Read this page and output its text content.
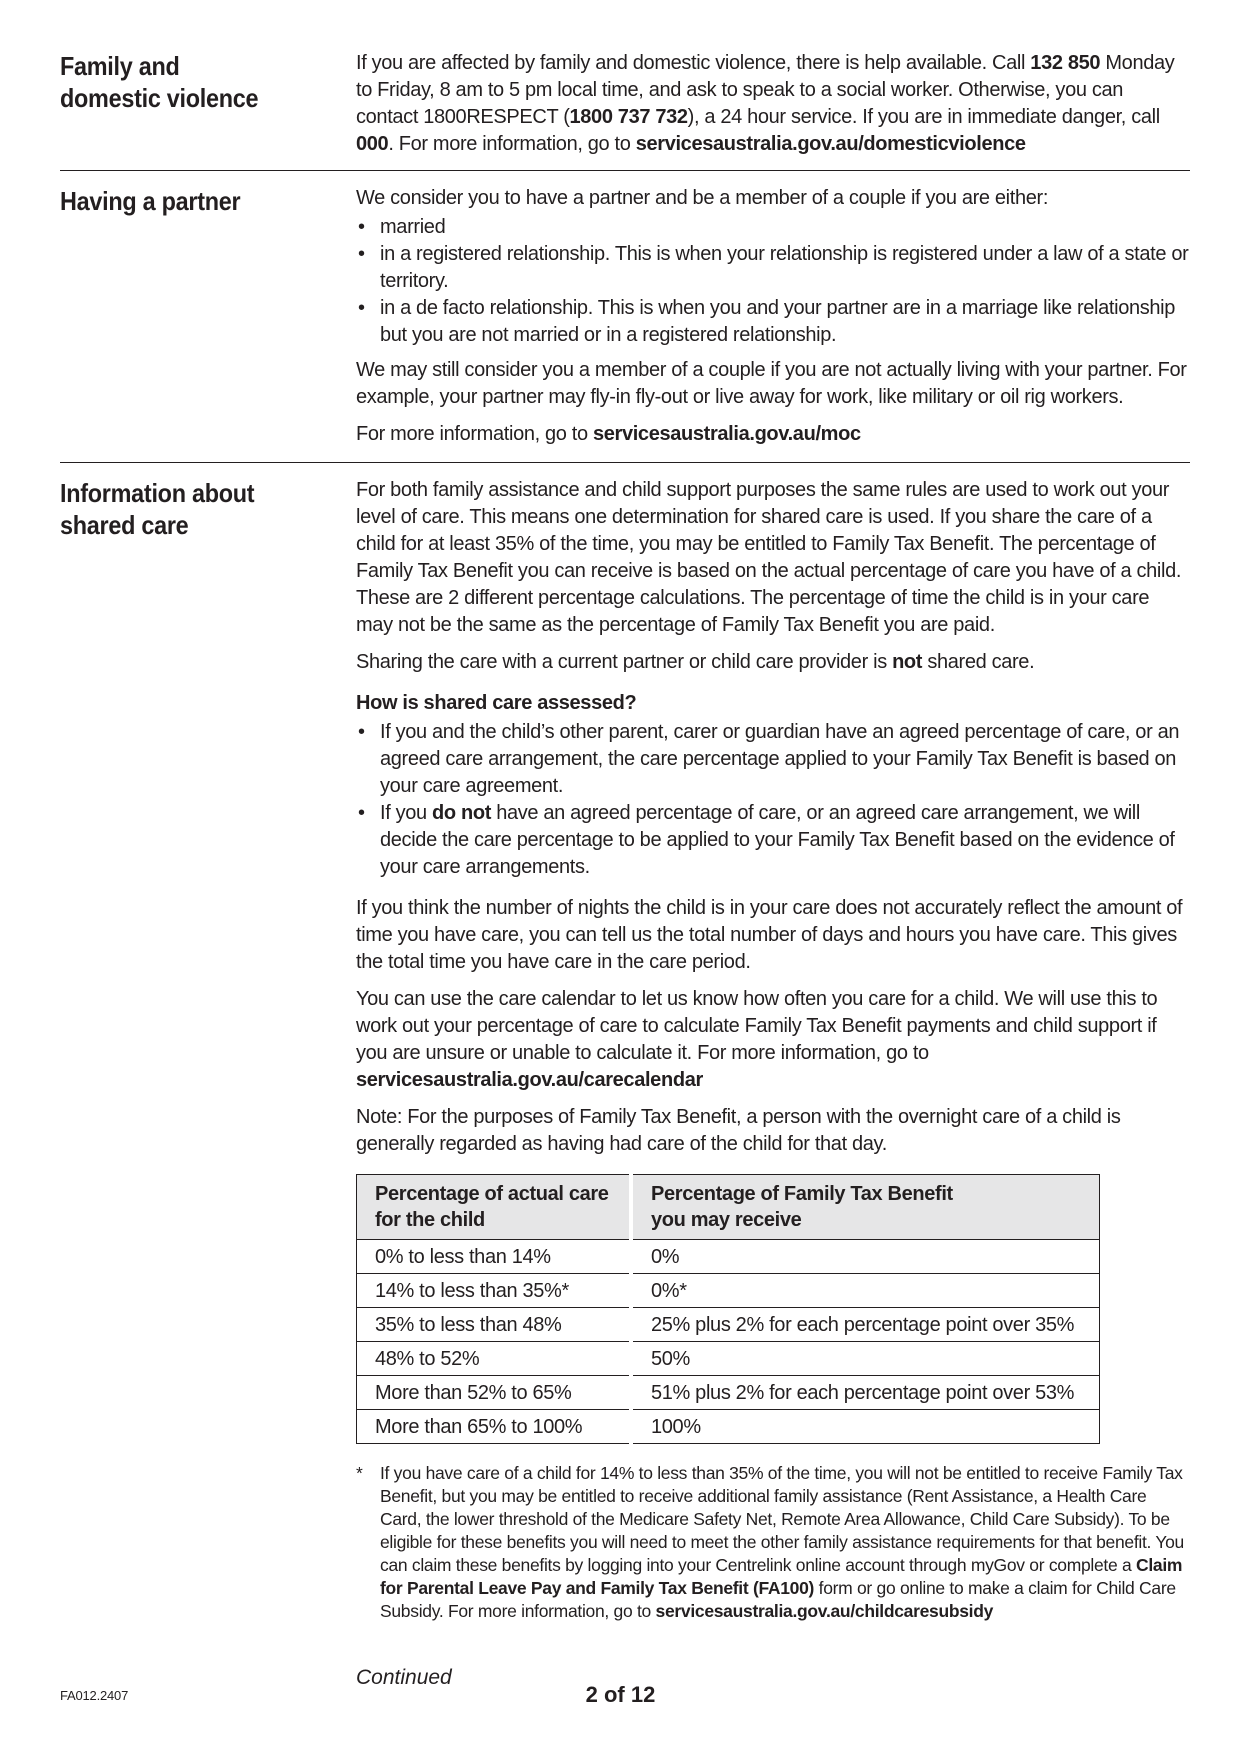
Family and
domestic violence

If you are affected by family and domestic violence, there is help available. Call 132 850 Monday to Friday, 8 am to 5 pm local time, and ask to speak to a social worker. Otherwise, you can contact 1800RESPECT (1800 737 732), a 24 hour service. If you are in immediate danger, call 000. For more information, go to servicesaustralia.gov.au/domesticviolence

Having a partner	We consider you to have a partner and be a member of a couple if you are either:

• married
• in a registered relationship. This is when your relationship is registered under a law of a state or territory.
• in a de facto relationship. This is when you and your partner are in a marriage like relationship but you are not married or in a registered relationship.

We may still consider you a member of a couple if you are not actually living with your partner. For example, your partner may fly-in fly-out or live away for work, like military or oil rig workers.

For more information, go to servicesaustralia.gov.au/moc

Information about
shared care

For both family assistance and child support purposes the same rules are used to work out your level of care. This means one determination for shared care is used. If you share the care of a child for at least 35% of the time, you may be entitled to Family Tax Benefit. The percentage of Family Tax Benefit you can receive is based on the actual percentage of care you have of a child. These are 2 different percentage calculations. The percentage of time the child is in your care may not be the same as the percentage of Family Tax Benefit you are paid.

Sharing the care with a current partner or child care provider is not shared care.

How is shared care assessed?
• If you and the child’s other parent, carer or guardian have an agreed percentage of care, or an agreed care arrangement, the care percentage applied to your Family Tax Benefit is based on your care agreement.
• If you do not have an agreed percentage of care, or an agreed care arrangement, we will decide the care percentage to be applied to your Family Tax Benefit based on the evidence of your care arrangements.

If you think the number of nights the child is in your care does not accurately reflect the amount of time you have care, you can tell us the total number of days and hours you have care. This gives the total time you have care in the care period.

You can use the care calendar to let us know how often you care for a child. We will use this to work out your percentage of care to calculate Family Tax Benefit payments and child support if you are unsure or unable to calculate it. For more information, go to servicesaustralia.gov.au/carecalendar

Note: For the purposes of Family Tax Benefit, a person with the overnight care of a child is generally regarded as having had care of the child for that day.

Percentage of actual care
for the child	Percentage of Family Tax Benefit
you may receive
0% to less than 14%	0%
14% to less than 35%*	0%*
35% to less than 48%	25% plus 2% for each percentage point over 35%
48% to 52%	50%
More than 52% to 65%	51% plus 2% for each percentage point over 53%
More than 65% to 100%	100%
* If you have care of a child for 14% to less than 35% of the time, you will not be entitled to receive Family Tax Benefit, but you may be entitled to receive additional family assistance (Rent Assistance, a Health Care Card, the lower threshold of the Medicare Safety Net, Remote Area Allowance, Child Care Subsidy). To be eligible for these benefits you will need to meet the other family assistance requirements for that benefit. You can claim these benefits by logging into your Centrelink online account through myGov or complete a Claim for Parental Leave Pay and Family Tax Benefit (FA100) form or go online to make a claim for Child Care Subsidy. For more information, go to servicesaustralia.gov.au/childcaresubsidy
FA012.2407
Continued
2 of 12
